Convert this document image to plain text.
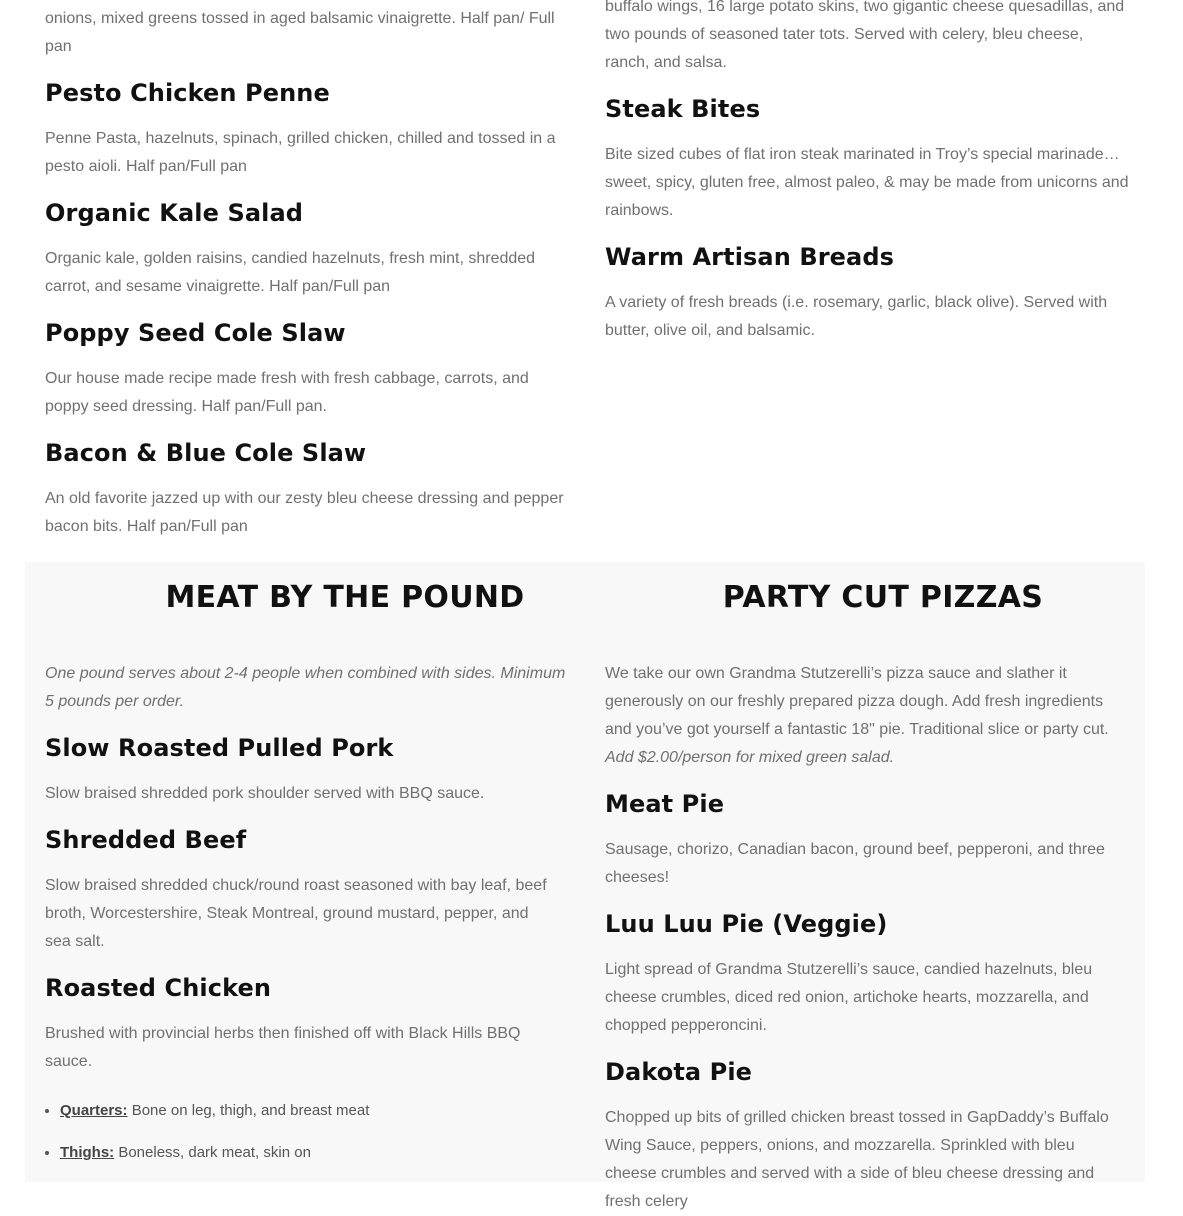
onions, mixed greens tossed in aged balsamic vinaigrette. Half pan/ Full pan

Pesto Chicken Penne

Penne Pasta, hazelnuts, spinach, grilled chicken, chilled and tossed in a pesto aioli. Half pan/Full pan

Organic Kale Salad

Organic kale, golden raisins, candied hazelnuts, fresh mint, shredded carrot, and sesame vinaigrette. Half pan/Full pan

Poppy Seed Cole Slaw

Our house made recipe made fresh with fresh cabbage, carrots, and poppy seed dressing. Half pan/Full pan.

Bacon & Blue Cole Slaw

An old favorite jazzed up with our zesty bleu cheese dressing and pepper bacon bits. Half pan/Full pan

buffalo wings, 16 large potato skins, two gigantic cheese quesadillas, and two pounds of seasoned tater tots. Served with celery, bleu cheese, ranch, and salsa.

Steak Bites

Bite sized cubes of flat iron steak marinated in Troy’s special marinade…sweet, spicy, gluten free, almost paleo, & may be made from unicorns and rainbows.

Warm Artisan Breads

A variety of fresh breads (i.e. rosemary, garlic, black olive). Served with butter, olive oil, and balsamic.

MEAT BY THE POUND	PARTY CUT PIZZAS

One pound serves about 2-4 people when combined with sides. Minimum 5 pounds per order.

Slow Roasted Pulled Pork

Slow braised shredded pork shoulder served with BBQ sauce.

Shredded Beef

Slow braised shredded chuck/round roast seasoned with bay leaf, beef broth, Worcestershire, Steak Montreal, ground mustard, pepper, and sea salt.

Roasted Chicken

Brushed with provincial herbs then finished off with Black Hills BBQ sauce.

• Quarters: Bone on leg, thigh, and breast meat
• Thighs: Boneless, dark meat, skin on

We take our own Grandma Stutzerelli’s pizza sauce and slather it generously on our freshly prepared pizza dough. Add fresh ingredients and you’ve got yourself a fantastic 18" pie. Traditional slice or party cut. Add $2.00/person for mixed green salad.

Meat Pie

Sausage, chorizo, Canadian bacon, ground beef, pepperoni, and three cheeses!

Luu Luu Pie (Veggie)

Light spread of Grandma Stutzerelli’s sauce, candied hazelnuts, bleu cheese crumbles, diced red onion, artichoke hearts, mozzarella, and chopped pepperoncini.

Dakota Pie

Chopped up bits of grilled chicken breast tossed in GapDaddy’s Buffalo Wing Sauce, peppers, onions, and mozzarella. Sprinkled with bleu cheese crumbles and served with a side of bleu cheese dressing and fresh celery
